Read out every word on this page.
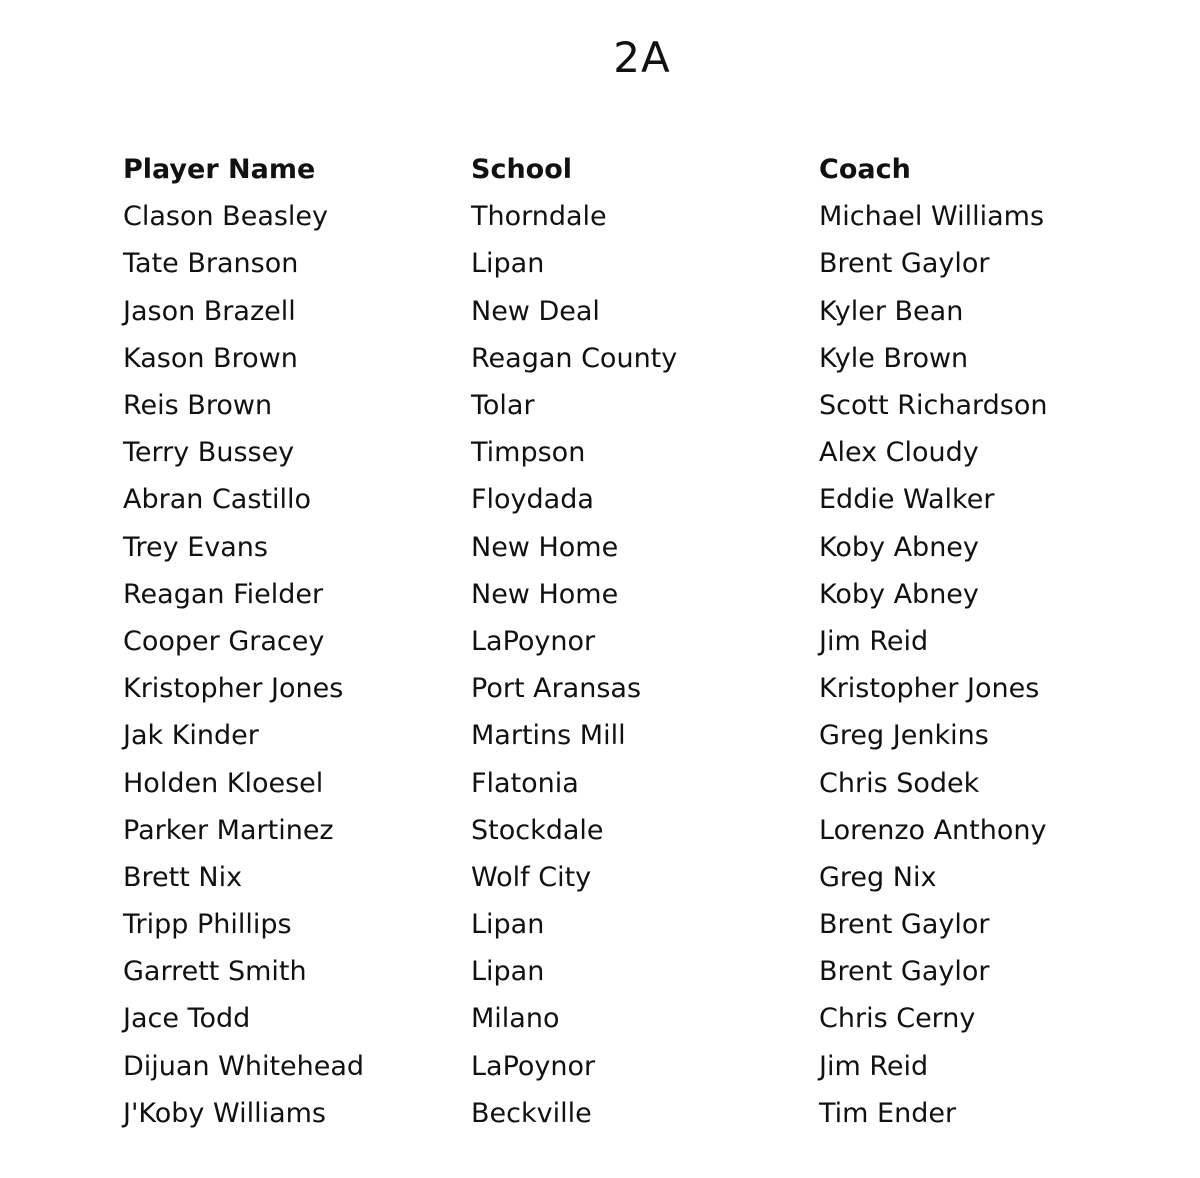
2A
Player Name	School	Coach
Clason Beasley	Thorndale	Michael Williams
Tate Branson	Lipan	Brent Gaylor
Jason Brazell	New Deal	Kyler Bean
Kason Brown	Reagan County	Kyle Brown
Reis Brown	Tolar	Scott Richardson
Terry Bussey	Timpson	Alex Cloudy
Abran Castillo	Floydada	Eddie Walker
Trey Evans	New Home	Koby Abney
Reagan Fielder	New Home	Koby Abney
Cooper Gracey	LaPoynor	Jim Reid
Kristopher Jones	Port Aransas	Kristopher Jones
Jak Kinder	Martins Mill	Greg Jenkins
Holden Kloesel	Flatonia	Chris Sodek
Parker Martinez	Stockdale	Lorenzo Anthony
Brett Nix	Wolf City	Greg Nix
Tripp Phillips	Lipan	Brent Gaylor
Garrett Smith	Lipan	Brent Gaylor
Jace Todd	Milano	Chris Cerny
Dijuan Whitehead	LaPoynor	Jim Reid
J'Koby Williams	Beckville	Tim Ender
